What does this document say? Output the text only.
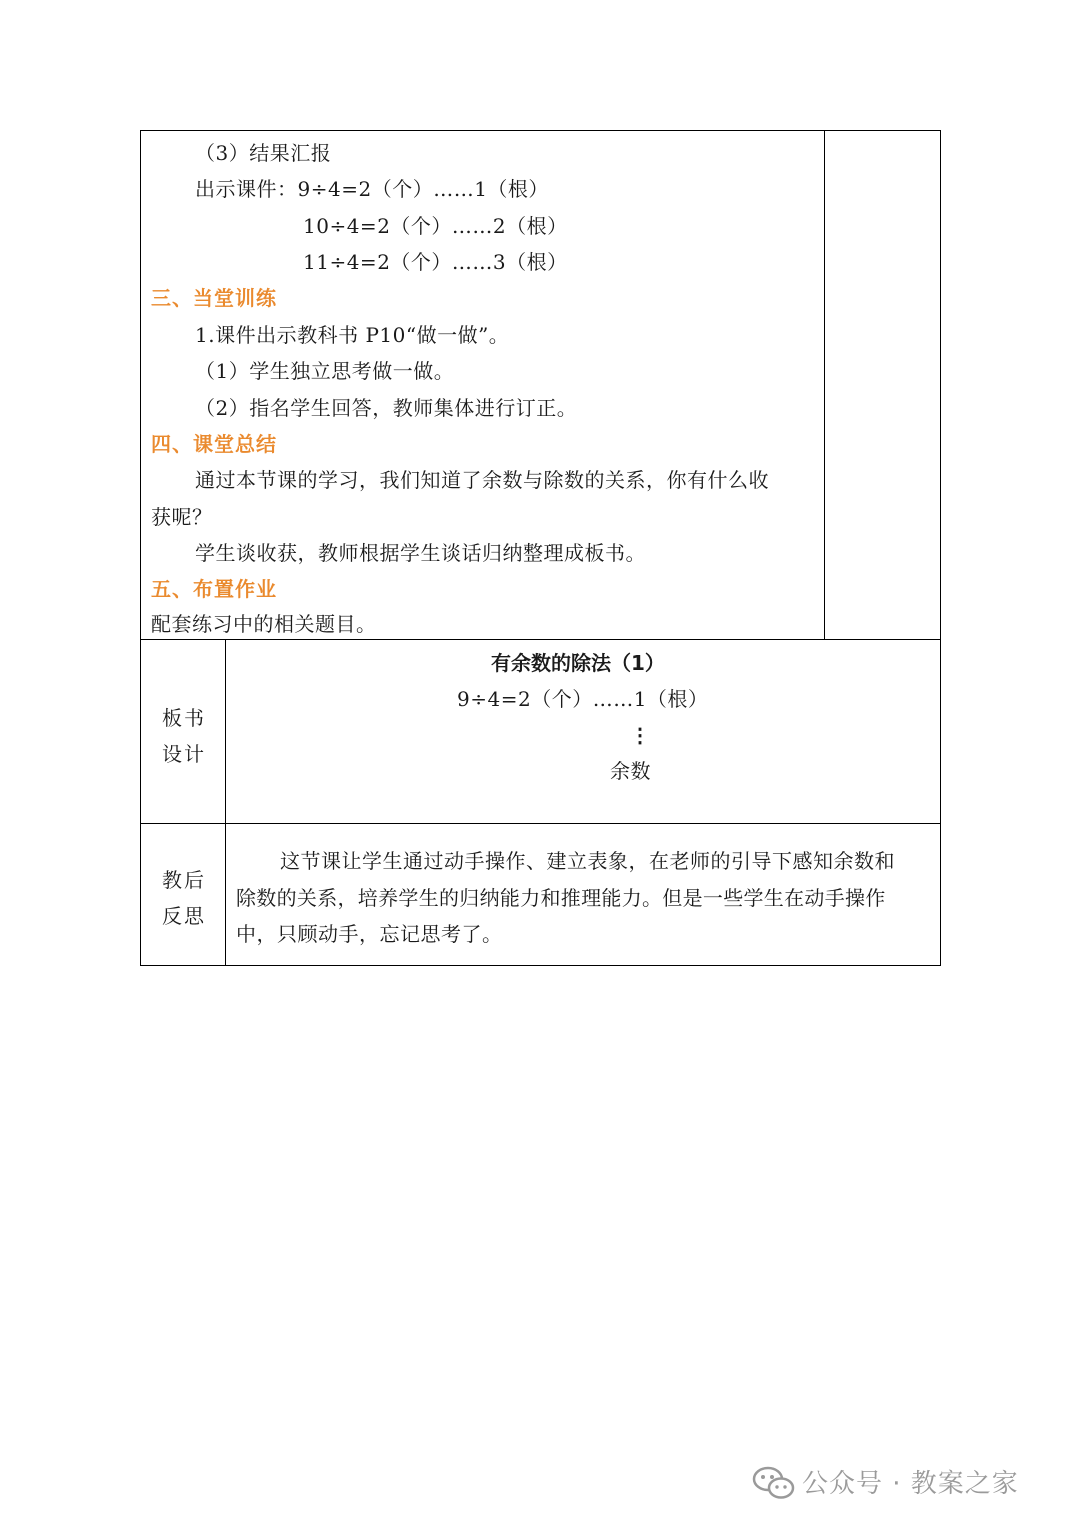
（3）结果汇报
出示课件：9÷4=2（个）……1（根）
10÷4=2（个）……2（根）
11÷4=2（个）……3（根）
三、当堂训练
1.课件出示教科书 P10“做一做”。
（1）学生独立思考做一做。
（2）指名学生回答，教师集体进行订正。
四、课堂总结
通过本节课的学习，我们知道了余数与除数的关系，你有什么收
获呢？
学生谈收获，教师根据学生谈话归纳整理成板书。
五、布置作业
配套练习中的相关题目。
板书
设计
有余数的除法（1）
9÷4=2（个）……1（根）
⋮
余数
教后
反思
这节课让学生通过动手操作、建立表象，在老师的引导下感知余数和
除数的关系，培养学生的归纳能力和推理能力。但是一些学生在动手操作
中，只顾动手，忘记思考了。
公众号 · 教案之家
